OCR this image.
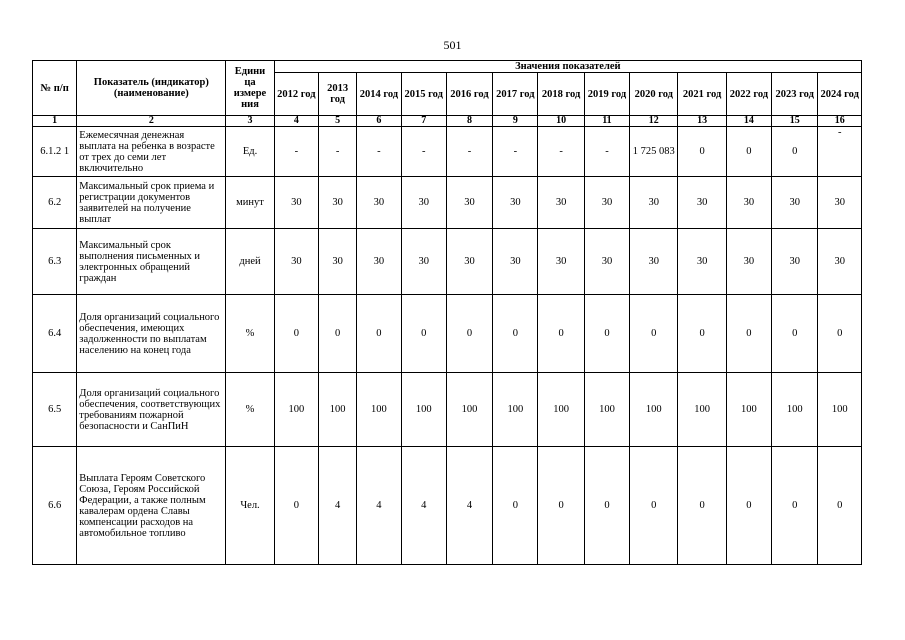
501
№ п/п	Показатель (индикатор) (наименование)	Едини ца измере ния	Значения показателей												
			2012 год	2013 год	2014 год	2015 год	2016 год	2017 год	2018 год	2019 год	2020 год	2021 год	2022 год	2023 год	2024 год
1	2	3	4	5	6	7	8	9	10	11	12	13	14	15	16
6.1.2 1	Ежемесячная денежная выплата на ребенка в возрасте от трех до семи лет включительно	Ед.	-	-	-	-	-	-	-	-	1 725 083	0	0	0	-
6.2	Максимальный срок приема и регистрации документов заявителей на получение выплат	минут	30	30	30	30	30	30	30	30	30	30	30	30	30
6.3	Максимальный срок выполнения письменных и электронных обращений граждан	дней	30	30	30	30	30	30	30	30	30	30	30	30	30
6.4	Доля организаций социального обеспечения, имеющих задолженности по выплатам населению на конец года	%	0	0	0	0	0	0	0	0	0	0	0	0	0
6.5	Доля организаций социального обеспечения, соответствующих требованиям пожарной безопасности и СанПиН	%	100	100	100	100	100	100	100	100	100	100	100	100	100
6.6	Выплата Героям Советского Союза, Героям Российской Федерации, а также полным кавалерам ордена Славы компенсации расходов на автомобильное топливо	Чел.	0	4	4	4	4	0	0	0	0	0	0	0	0
